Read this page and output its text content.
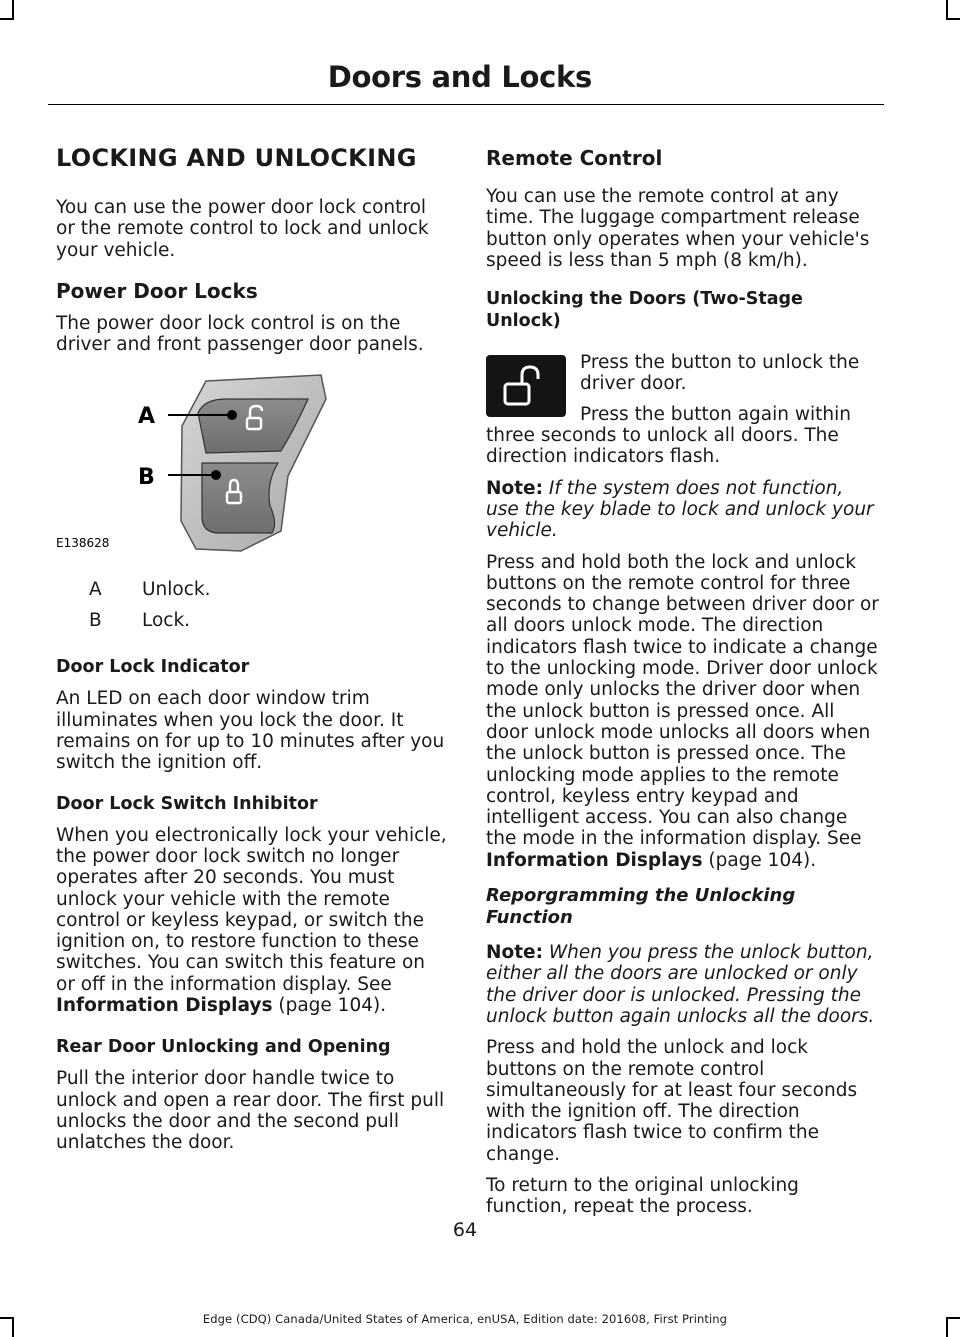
Doors and Locks
LOCKING AND UNLOCKING

You can use the power door lock control or the remote control to lock and unlock your vehicle.

Power Door Locks

The power door lock control is on the driver and front passenger door panels.

A
B
E138628
A	Unlock.
B	Lock.
Door Lock Indicator

An LED on each door window trim illuminates when you lock the door. It remains on for up to 10 minutes after you switch the ignition off.

Door Lock Switch Inhibitor

When you electronically lock your vehicle, the power door lock switch no longer operates after 20 seconds. You must unlock your vehicle with the remote control or keyless keypad, or switch the ignition on, to restore function to these switches. You can switch this feature on or off in the information display. See Information Displays (page 104).

Rear Door Unlocking and Opening

Pull the interior door handle twice to unlock and open a rear door. The first pull unlocks the door and the second pull unlatches the door.

Remote Control

You can use the remote control at any time. The luggage compartment release button only operates when your vehicle's speed is less than 5 mph (8 km/h).

Unlocking the Doors (Two-Stage Unlock)

Press the button to unlock the driver door.

Press the button again within three seconds to unlock all doors. The direction indicators flash.

Note: If the system does not function, use the key blade to lock and unlock your vehicle.

Press and hold both the lock and unlock buttons on the remote control for three seconds to change between driver door or all doors unlock mode. The direction indicators flash twice to indicate a change to the unlocking mode. Driver door unlock mode only unlocks the driver door when the unlock button is pressed once. All door unlock mode unlocks all doors when the unlock button is pressed once. The unlocking mode applies to the remote control, keyless entry keypad and intelligent access. You can also change the mode in the information display. See Information Displays (page 104).

Reporgramming the Unlocking Function

Note: When you press the unlock button, either all the doors are unlocked or only the driver door is unlocked. Pressing the unlock button again unlocks all the doors.

Press and hold the unlock and lock buttons on the remote control simultaneously for at least four seconds with the ignition off. The direction indicators flash twice to confirm the change.

To return to the original unlocking function, repeat the process.

64
Edge (CDQ) Canada/United States of America, enUSA, Edition date: 201608, First Printing
